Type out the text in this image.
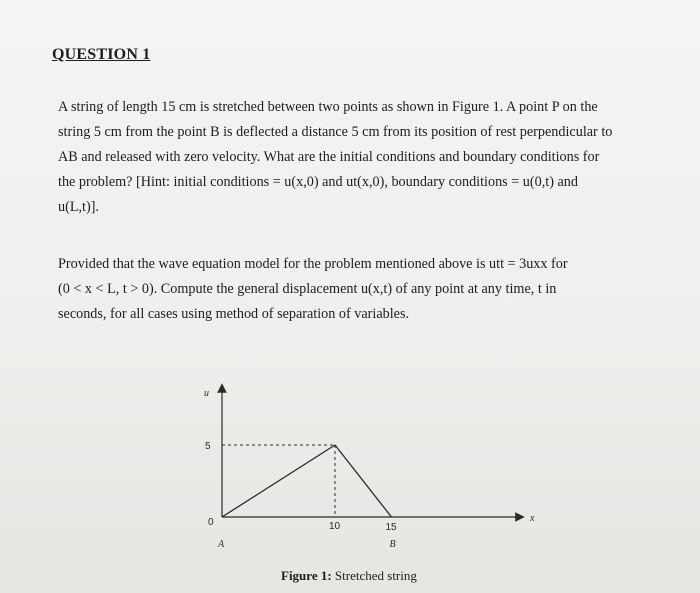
QUESTION 1
A string of length 15 cm is stretched between two points as shown in Figure 1. A point P on the
string 5 cm from the point B is deflected a distance 5 cm from its position of rest perpendicular to
AB and released with zero velocity. What are the initial conditions and boundary conditions for
the problem? [Hint: initial conditions = u(x,0) and ut(x,0), boundary conditions = u(0,t) and
u(L,t)].
Provided that the wave equation model for the problem mentioned above is utt = 3uxx for
(0 < x < L, t > 0). Compute the general displacement u(x,t) of any point at any time, t in
seconds, for all cases using method of separation of variables.
u
x
5
0	10	15
A	B
Figure 1: Stretched string
